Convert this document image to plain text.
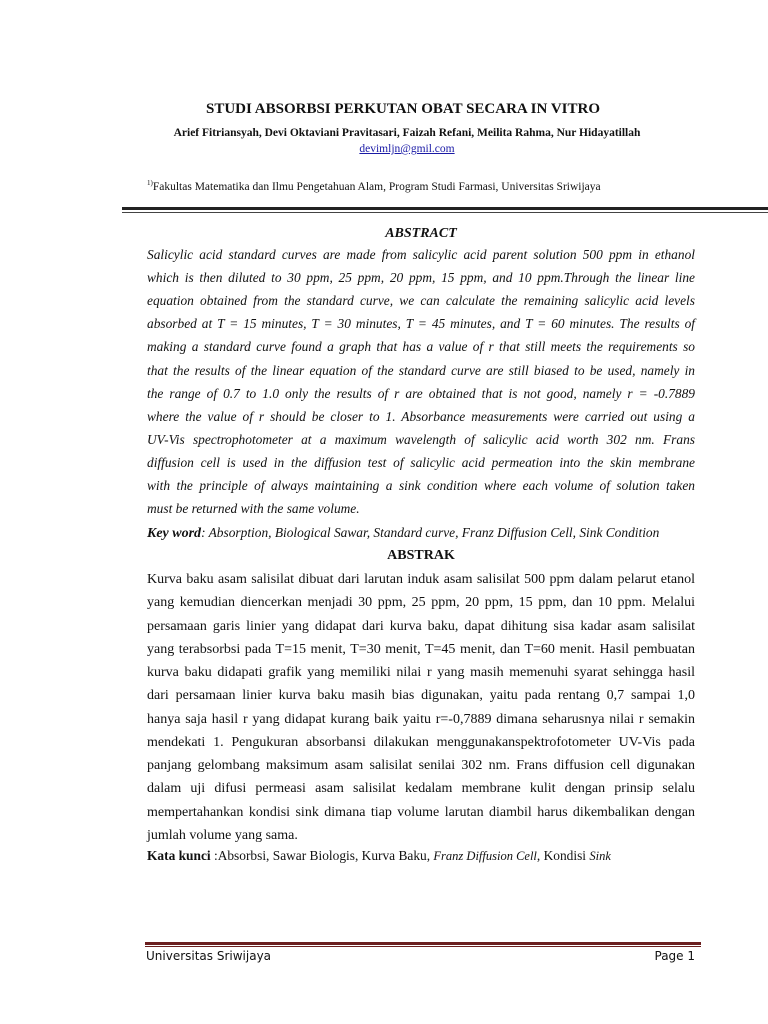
STUDI ABSORBSI PERKUTAN OBAT SECARA IN VITRO
Arief Fitriansyah, Devi Oktaviani Pravitasari, Faizah Refani, Meilita Rahma, Nur Hidayatillah
devimljn@gmil.com
$^{1)}$Fakultas Matematika dan Ilmu Pengetahuan Alam, Program Studi Farmasi, Universitas Sriwijaya
ABSTRACT
Salicylic acid standard curves are made from salicylic acid parent solution 500 ppm in ethanol
which is then diluted to 30 ppm, 25 ppm, 20 ppm, 15 ppm, and 10 ppm.Through the linear line
equation obtained from the standard curve, we can calculate the remaining salicylic acid levels
absorbed at T = 15 minutes, T = 30 minutes, T = 45 minutes, and T = 60 minutes. The results of
making a standard curve found a graph that has a value of r that still meets the requirements so
that the results of the linear equation of the standard curve are still biased to be used, namely in
the range of 0.7 to 1.0 only the results of r are obtained that is not good, namely r = -0.7889
where the value of r should be closer to 1. Absorbance measurements were carried out using a
UV-Vis spectrophotometer at a maximum wavelength of salicylic acid worth 302 nm. Frans
diffusion cell is used in the diffusion test of salicylic acid permeation into the skin membrane
with the principle of always maintaining a sink condition where each volume of solution taken
must be returned with the same volume.
Key word: Absorption, Biological Sawar, Standard curve, Franz Diffusion Cell, Sink Condition
ABSTRAK
Kurva baku asam salisilat dibuat dari larutan induk asam salisilat 500 ppm dalam pelarut etanol
yang kemudian diencerkan menjadi 30 ppm, 25 ppm, 20 ppm, 15 ppm, dan 10 ppm. Melalui
persamaan garis linier yang didapat dari kurva baku, dapat dihitung sisa kadar asam salisilat
yang terabsorbsi pada T=15 menit, T=30 menit, T=45 menit, dan T=60 menit. Hasil pembuatan
kurva baku didapati grafik yang memiliki nilai r yang masih memenuhi syarat sehingga hasil
dari persamaan linier kurva baku masih bias digunakan, yaitu pada rentang 0,7 sampai 1,0
hanya saja hasil r yang didapat kurang baik yaitu r=-0,7889 dimana seharusnya nilai r semakin
mendekati 1. Pengukuran absorbansi dilakukan menggunakanspektrofotometer UV-Vis pada
panjang gelombang maksimum asam salisilat senilai 302 nm. Frans diffusion cell digunakan
dalam uji difusi permeasi asam salisilat kedalam membrane kulit dengan prinsip selalu
mempertahankan kondisi sink dimana tiap volume larutan diambil harus dikembalikan dengan
jumlah volume yang sama.
Kata kunci :Absorbsi, Sawar Biologis, Kurva Baku, Franz Diffusion Cell, Kondisi Sink
Universitas Sriwijaya	Page 1
